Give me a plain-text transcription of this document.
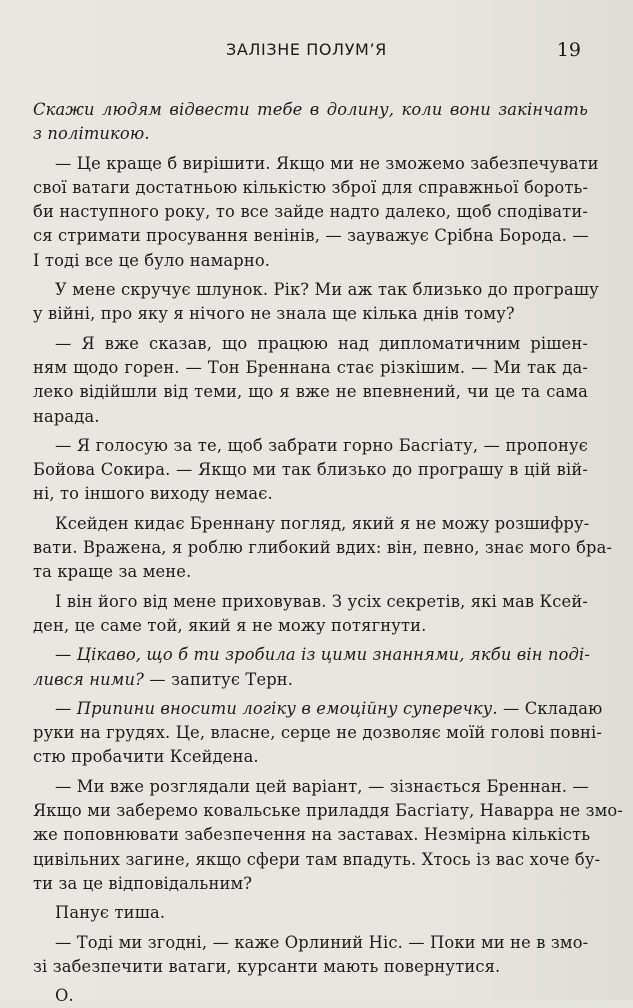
ЗАЛІЗНЕ ПОЛУМ’Я	19
Скажи людям відвести тебе в долину, коли вони закінчать
з політикою.
— Це краще б вирішити. Якщо ми не зможемо забезпечувати
свої ватаги достатньою кількістю зброї для справжньої бороть-
би наступного року, то все зайде надто далеко, щоб сподівати-
ся стримати просування венінів, — зауважує Срібна Борода. —
І тоді все це було намарно.
У мене скручує шлунок. Рік? Ми аж так близько до програшу
у війні, про яку я нічого не знала ще кілька днів тому?
— Я вже сказав, що працюю над дипломатичним рішен-
ням щодо горен. — Тон Бреннана стає різкішим. — Ми так да-
леко відійшли від теми, що я вже не впевнений, чи це та сама
нарада.
— Я голосую за те, щоб забрати горно Басгіату, — пропонує
Бойова Сокира. — Якщо ми так близько до програшу в цій вій-
ні, то іншого виходу немає.
Ксейден кидає Бреннану погляд, який я не можу розшифру-
вати. Вражена, я роблю глибокий вдих: він, певно, знає мого бра-
та краще за мене.
І він його від мене приховував. З усіх секретів, які мав Ксей-
ден, це саме той, який я не можу потягнути.
— Цікаво, що б ти зробила із цими знаннями, якби він поді-
лився ними? — запитує Терн.
— Припини вносити логіку в емоційну суперечку. — Складаю
руки на грудях. Це, власне, серце не дозволяє моїй голові повні-
стю пробачити Ксейдена.
— Ми вже розглядали цей варіант, — зізнається Бреннан. —
Якщо ми заберемо ковальське приладдя Басгіату, Наварра не змо-
же поповнювати забезпечення на заставах. Незмірна кількість
цивільних загине, якщо сфери там впадуть. Хтось із вас хоче бу-
ти за це відповідальним?
Панує тиша.
— Тоді ми згодні, — каже Орлиний Ніс. — Поки ми не в змо-
зі забезпечити ватаги, курсанти мають повернутися.
О.
